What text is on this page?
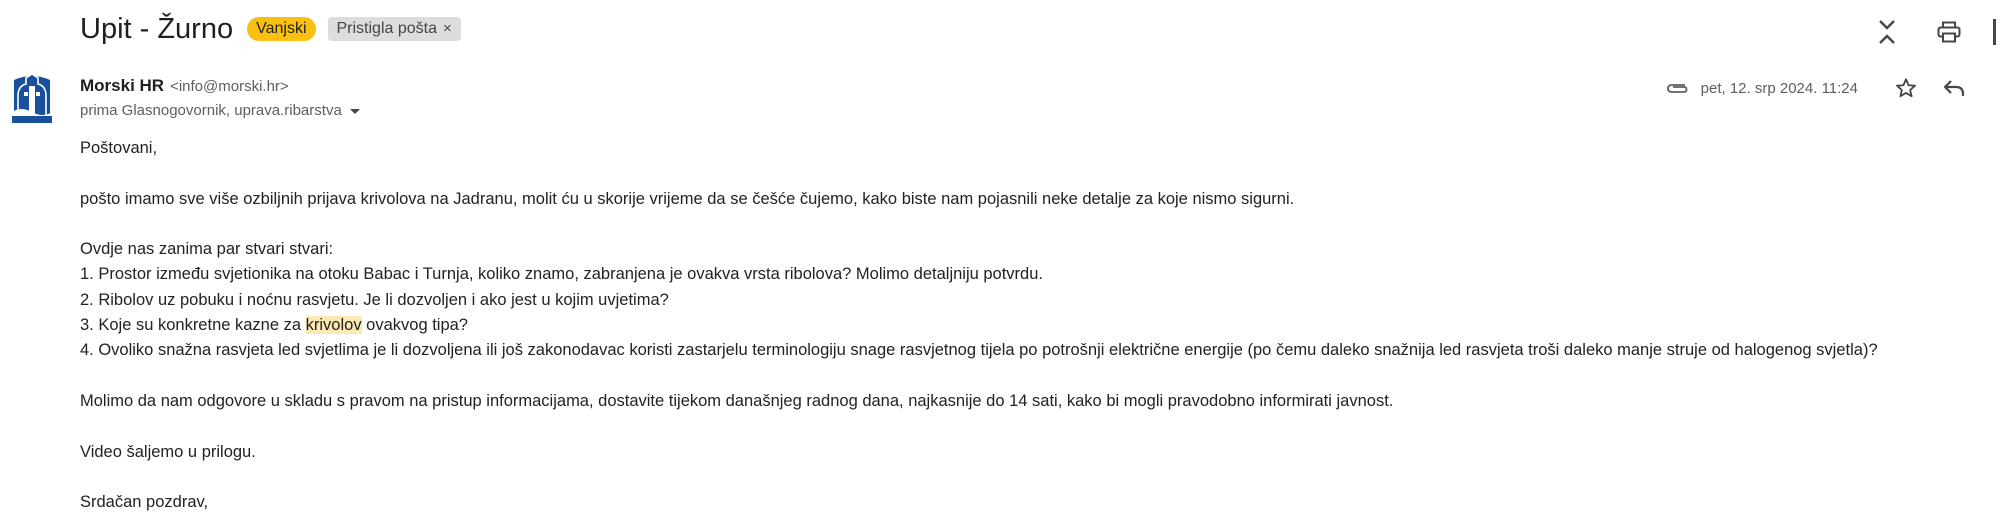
Upit - Žurno Vanjski Pristigla pošta ×
Morski HR <info@morski.hr>
prima Glasnogovornik, uprava.ribarstva
pet, 12. srp 2024. 11:24

Poštovani,

pošto imamo sve više ozbiljnih prijava krivolova na Jadranu, molit ću u skorije vrijeme da se češće čujemo, kako biste nam pojasnili neke detalje za koje nismo sigurni.

Ovdje nas zanima par stvari stvari:

1. Prostor između svjetionika na otoku Babac i Turnja, koliko znamo, zabranjena je ovakva vrsta ribolova? Molimo detaljniju potvrdu.

2. Ribolov uz pobuku i noćnu rasvjetu. Je li dozvoljen i ako jest u kojim uvjetima?

3. Koje su konkretne kazne za krivolov ovakvog tipa?

4. Ovoliko snažna rasvjeta led svjetlima je li dozvoljena ili još zakonodavac koristi zastarjelu terminologiju snage rasvjetnog tijela po potrošnji električne energije (po čemu daleko snažnija led rasvjeta troši daleko manje struje od halogenog svjetla)?

Molimo da nam odgovore u skladu s pravom na pristup informacijama, dostavite tijekom današnjeg radnog dana, najkasnije do 14 sati, kako bi mogli pravodobno informirati javnost.

Video šaljemo u prilogu.

Srdačan pozdrav,
